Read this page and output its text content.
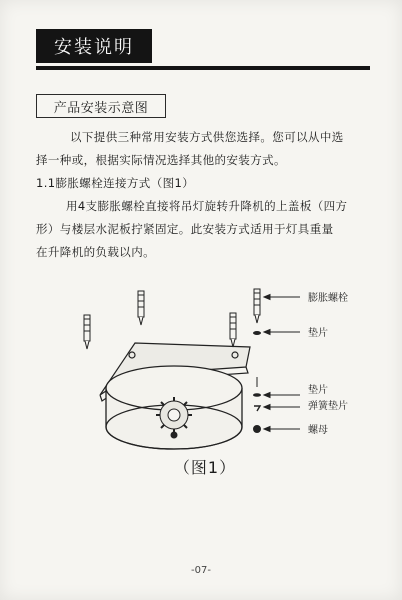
安装说明
产品安装示意图
以下提供三种常用安装方式供您选择。您可以从中选
择一种或，根据实际情况选择其他的安装方式。
1.1膨胀螺栓连接方式（图1）
用4支膨胀螺栓直接将吊灯旋转升降机的上盖板（四方
形）与楼层水泥板拧紧固定。此安装方式适用于灯具重量
在升降机的负载以内。
膨胀螺栓
垫片
垫片
弹簧垫片
螺母
（图1）
-07-
